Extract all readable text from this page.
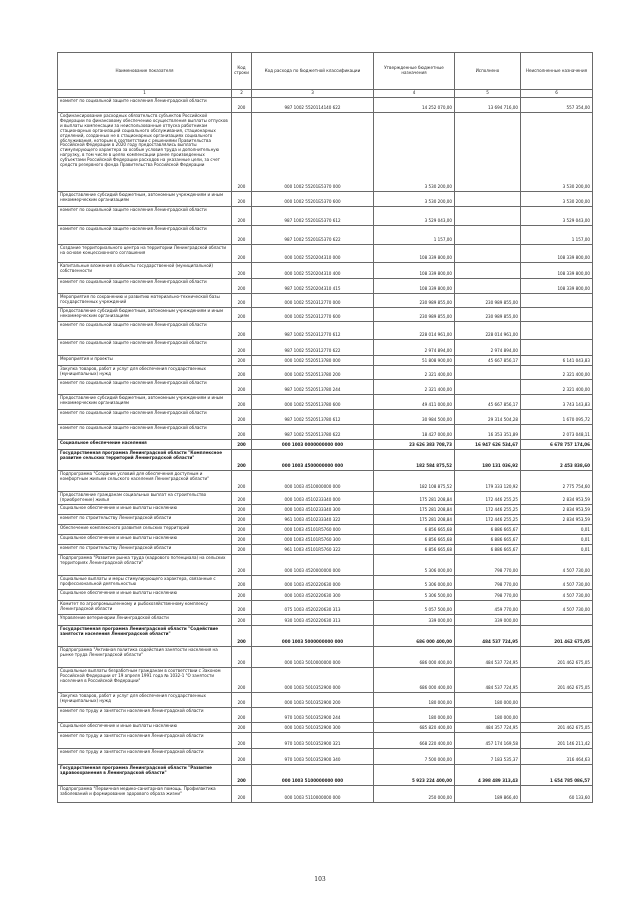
Наименование показателя	Код строки	Код расхода по бюджетной классификации	Утвержденные бюджетные назначения	Исполнено	Неисполненные назначения
1	2	3	4	5	6
комитет по социальной защите населения Ленинградской области	200	987 1002 5520114140 622	14 252 070,00	13 694 716,00	557 354,00
Софинансирование расходных обязательств субъектов Российской Федерации по финансовому обеспечению осуществления выплаты отпусков и выплаты компенсации за неиспользованные отпуска работникам стационарных организаций социального обслуживания, стационарных отделений, созданных не в стационарных организациях социального обслуживания, которым в соответствии с решениями Правительства Российской Федерации в 2020 году предоставлялись выплаты стимулирующего характера за особые условия труда и дополнительную нагрузку, в том числе в целях компенсации ранее произведенных субъектами Российской Федерации расходов на указанные цели, за счет средств резервного фонда Правительства Российской Федерации	200	000 1002 55201Б5370 000	3 530 200,00		3 530 200,00
Предоставление субсидий бюджетным, автономным учреждениям и иным некоммерческим организациям	200	000 1002 55201Б5370 600	3 530 200,00		3 530 200,00
комитет по социальной защите населения Ленинградской области	200	987 1002 55201Б5370 612	3 529 043,00		3 529 043,00
комитет по социальной защите населения Ленинградской области	200	987 1002 55201Б5370 622	1 157,00		1 157,00
Создание территориального центра на территории Ленинградской области на основе концессионного соглашения	200	000 1002 5520204310 000	108 339 800,00		108 339 800,00
Капитальные вложения в объекты государственной (муниципальной) собственности	200	000 1002 5520204310 400	108 339 800,00		108 339 800,00
комитет по социальной защите населения Ленинградской области	200	987 1002 5520204310 415	108 339 800,00		108 339 800,00
Мероприятия по сохранению и развитию материально-технической базы государственных учреждений	200	000 1002 5520312770 000	230 989 855,00	230 989 855,00	
Предоставление субсидий бюджетным, автономным учреждениям и иным некоммерческим организациям	200	000 1002 5520312770 600	230 989 855,00	230 989 855,00	
комитет по социальной защите населения Ленинградской области	200	987 1002 5520312770 612	228 014 961,00	228 014 961,00	
комитет по социальной защите населения Ленинградской области	200	987 1002 5520312770 622	2 974 894,00	2 974 894,00	
Мероприятия и проекты	200	000 1002 5520513780 000	51 808 900,00	45 667 856,17	6 141 043,83
Закупка товаров, работ и услуг для обеспечения государственных (муниципальных) нужд	200	000 1002 5520513780 200	2 321 400,00		2 321 400,00
комитет по социальной защите населения Ленинградской области	200	987 1002 5520513780 244	2 321 400,00		2 321 400,00
Предоставление субсидий бюджетным, автономным учреждениям и иным некоммерческим организациям	200	000 1002 5520513780 600	49 411 000,00	45 667 856,17	3 743 143,83
комитет по социальной защите населения Ленинградской области	200	987 1002 5520513780 612	30 984 500,00	29 314 504,28	1 670 095,72
комитет по социальной защите населения Ленинградской области	200	987 1002 5520513780 622	18 427 000,00	16 353 351,89	2 073 048,11
Социальное обеспечение населения	200	000 1003 0000000000 000	23 626 383 708,73	16 947 626 534,67	6 678 757 174,06
Государственная программа Ленинградской области "Комплексное развитие сельских территорий Ленинградской области"	200	000 1003 4500000000 000	182 584 875,52	180 131 036,92	2 453 838,60
Подпрограмма "Создание условий для обеспечения доступным и комфортным жильем сельского населения Ленинградской области"	200	000 1003 4510000000 000	182 108 875,52	179 333 120,92	2 775 754,60
Предоставление гражданам социальных выплат на строительство (приобретение) жилья	200	000 1003 4510233340 000	175 281 208,84	172 446 255,25	2 834 953,59
Социальное обеспечение и иные выплаты населению	200	000 1003 4510233340 300	175 281 208,84	172 446 255,25	2 834 953,59
комитет по строительству Ленинградской области	200	961 1003 4510233340 322	175 281 208,84	172 446 255,25	2 834 953,59
Обеспечение комплексного развития сельских территорий	200	000 1003 45101R5760 000	6 856 665,68	6 886 665,67	0,01
Социальное обеспечение и иные выплаты населению	200	000 1003 45101R5760 300	6 856 665,68	6 886 665,67	0,01
комитет по строительству Ленинградской области	200	961 1003 45101R5760 322	6 856 665,68	6 886 665,67	0,01
Подпрограмма "Развитие рынка труда (кадрового потенциала) на сельских территориях Ленинградской области"	200	000 1003 4520000000 000	5 306 000,00	798 770,00	4 507 730,00
Социальные выплаты и меры стимулирующего характера, связанные с профессиональной деятельностью	200	000 1003 4520220630 000	5 306 000,00	798 770,00	4 507 730,00
Социальное обеспечение и иные выплаты населению	200	000 1003 4520220630 300	5 306 500,00	798 770,00	4 507 730,00
Комитет по агропромышленному и рыбохозяйственному комплексу Ленинградской области	200	075 1003 4520220630 313	5 057 500,00	459 770,00	4 507 730,00
Управление ветеринарии Ленинградской области	200	930 1003 4520220630 313	339 000,00	339 000,00	
Государственная программа Ленинградской области "Содействие занятости населения Ленинградской области"	200	000 1003 5000000000 000	686 000 400,00	484 537 724,95	201 462 675,05
Подпрограмма "Активная политика содействия занятости населения на рынке труда Ленинградской области"	200	000 1003 5010000000 000	686 000 400,00	484 537 724,95	201 462 675,05
Социальные выплаты безработным гражданам в соответствии с Законом Российской Федерации от 19 апреля 1991 года № 1032-1 "О занятости населения в Российской Федерации"	200	000 1003 5010352900 000	686 000 400,00	484 537 724,95	201 462 675,05
Закупка товаров, работ и услуг для обеспечения государственных (муниципальных) нужд	200	000 1003 5010352900 200	180 000,00	180 000,00	
комитет по труду и занятости населения Ленинградской области	200	970 1003 5010352900 244	180 000,00	180 000,00	
Социальное обеспечение и иные выплаты населению	200	000 1003 5010352900 300	685 820 400,00	484 357 724,95	201 462 675,05
комитет по труду и занятости населения Ленинградской области	200	970 1003 5010352900 321	668 220 400,00	457 174 169,58	201 146 211,42
комитет по труду и занятости населения Ленинградской области	200	970 1003 5010352900 340	7 500 000,00	7 183 535,37	316 464,63
Государственная программа Ленинградской области "Развитие здравоохранения в Ленинградской области"	200	000 1003 5100000000 000	5 923 224 400,00	4 398 489 313,43	1 654 785 086,57
Подпрограмма "Первичная медико-санитарная помощь. Профилактика заболеваний и формирование здорового образа жизни"	200	000 1003 5110000000 000	250 000,00	189 866,40	60 133,60
103
